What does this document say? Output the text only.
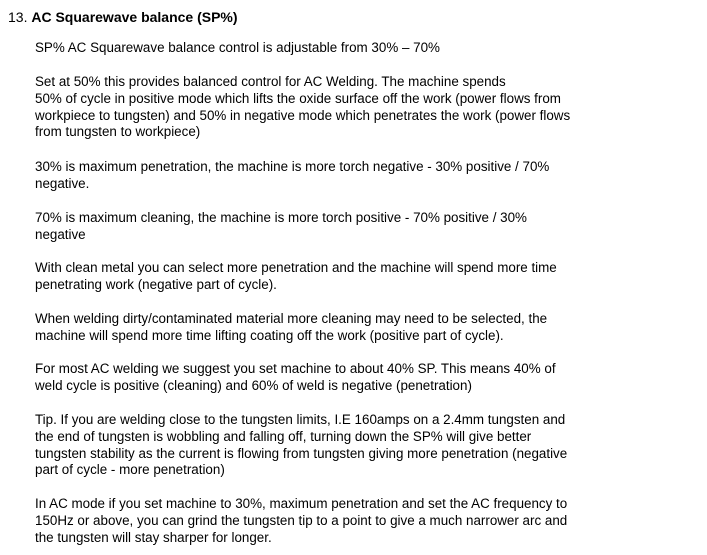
13. AC Squarewave balance (SP%)

SP% AC Squarewave balance control is adjustable from 30% – 70%

Set at 50% this provides balanced control for AC Welding. The machine spends
50% of cycle in positive mode which lifts the oxide surface off the work (power flows from
workpiece to tungsten) and 50% in negative mode which penetrates the work (power flows
from tungsten to workpiece)

30% is maximum penetration, the machine is more torch negative - 30% positive / 70%
negative.

70% is maximum cleaning, the machine is more torch positive - 70% positive / 30%
negative

With clean metal you can select more penetration and the machine will spend more time
penetrating work (negative part of cycle).

When welding dirty/contaminated material more cleaning may need to be selected, the
machine will spend more time lifting coating off the work (positive part of cycle).

For most AC welding we suggest you set machine to about 40% SP. This means 40% of
weld cycle is positive (cleaning) and 60% of weld is negative (penetration)

Tip. If you are welding close to the tungsten limits, I.E 160amps on a 2.4mm tungsten and
the end of tungsten is wobbling and falling off, turning down the SP% will give better
tungsten stability as the current is flowing from tungsten giving more penetration (negative
part of cycle - more penetration)

In AC mode if you set machine to 30%, maximum penetration and set the AC frequency to
150Hz or above, you can grind the tungsten tip to a point to give a much narrower arc and
the tungsten will stay sharper for longer.
